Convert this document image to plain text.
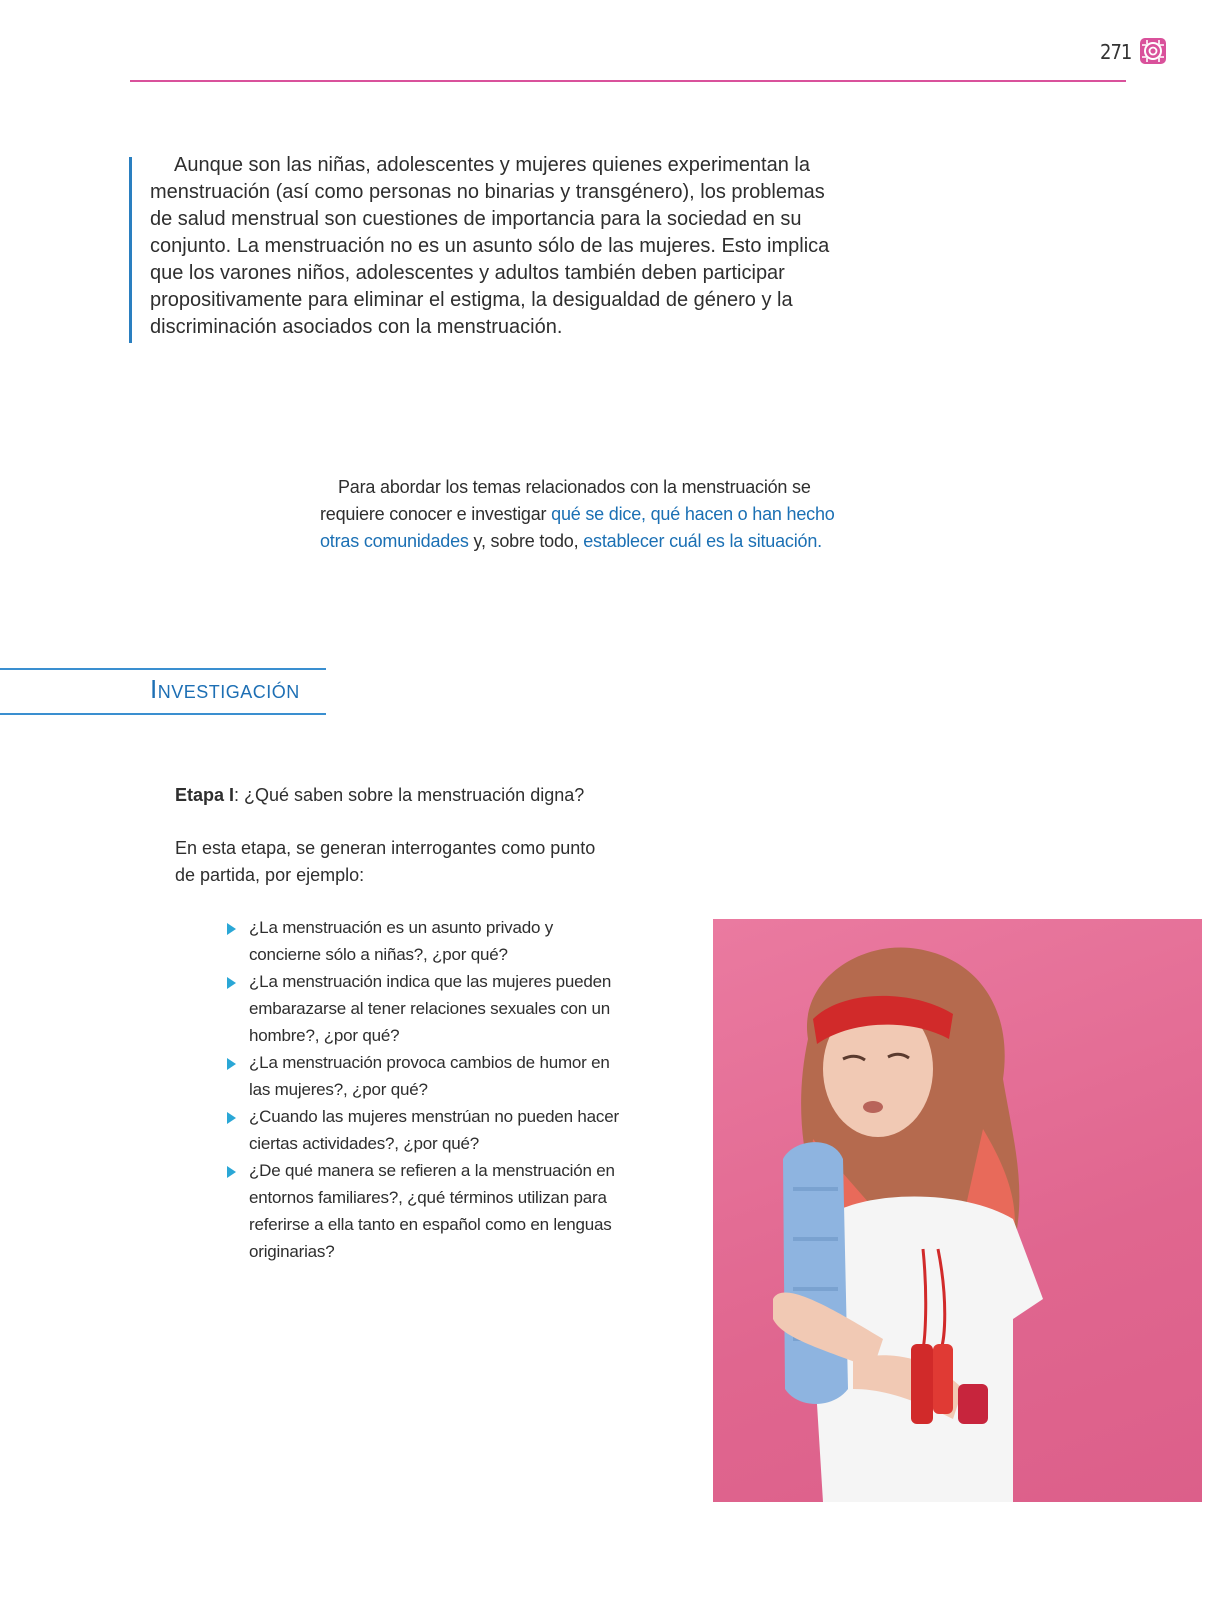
271

Aunque son las niñas, adolescentes y mujeres quienes experimentan la menstruación (así como personas no binarias y transgénero), los problemas de salud menstrual son cuestiones de importancia para la sociedad en su conjunto. La menstruación no es un asunto sólo de las mujeres. Esto implica que los varones niños, adolescentes y adultos también deben participar propositivamente para eliminar el estigma, la desigualdad de género y la discriminación asociados con la menstruación.

Para abordar los temas relacionados con la menstruación se requiere conocer e investigar qué se dice, qué hacen o han hecho otras comunidades y, sobre todo, establecer cuál es la situación.

Investigación

Etapa I: ¿Qué saben sobre la menstruación digna?

En esta etapa, se generan interrogantes como punto de partida, por ejemplo:

¿La menstruación es un asunto privado y concierne sólo a niñas?, ¿por qué?
¿La menstruación indica que las mujeres pueden embarazarse al tener relaciones sexuales con un hombre?, ¿por qué?
¿La menstruación provoca cambios de humor en las mujeres?, ¿por qué?
¿Cuando las mujeres menstrúan no pueden hacer ciertas actividades?, ¿por qué?
¿De qué manera se refieren a la menstruación en entornos familiares?, ¿qué términos utilizan para referirse a ella tanto en español como en lenguas originarias?
